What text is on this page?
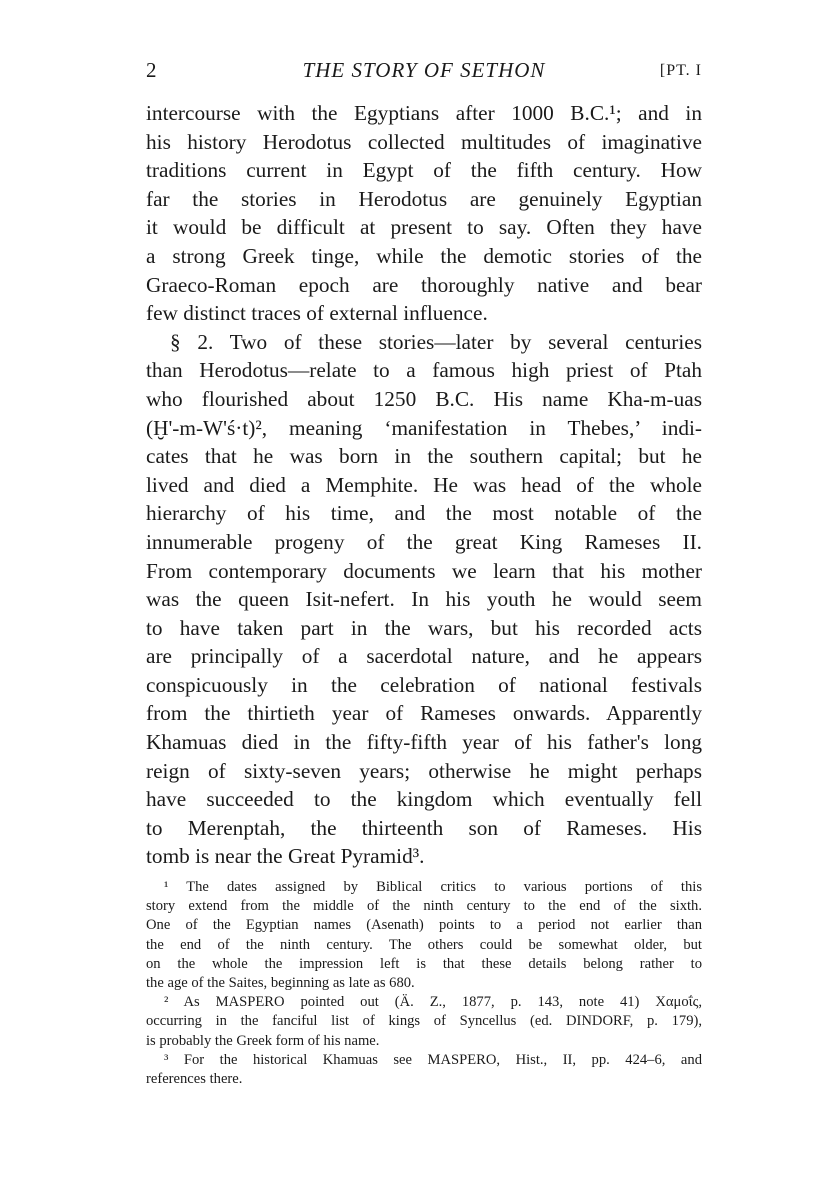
2	THE STORY OF SETHON	[PT. I
intercourse with the Egyptians after 1000 B.C.¹; and in
his history Herodotus collected multitudes of imaginative
traditions current in Egypt of the fifth century. How
far the stories in Herodotus are genuinely Egyptian
it would be difficult at present to say. Often they have
a strong Greek tinge, while the demotic stories of the
Graeco-Roman epoch are thoroughly native and bear
few distinct traces of external influence.
§ 2. Two of these stories—later by several centuries
than Herodotus—relate to a famous high priest of Ptah
who flourished about 1250 B.C. His name Kha-m-uas
(Ḫ'-m-W'ś·t)², meaning ‘manifestation in Thebes,’ indi-
cates that he was born in the southern capital; but he
lived and died a Memphite. He was head of the whole
hierarchy of his time, and the most notable of the
innumerable progeny of the great King Rameses II.
From contemporary documents we learn that his mother
was the queen Isit-nefert. In his youth he would seem
to have taken part in the wars, but his recorded acts
are principally of a sacerdotal nature, and he appears
conspicuously in the celebration of national festivals
from the thirtieth year of Rameses onwards. Apparently
Khamuas died in the fifty-fifth year of his father's long
reign of sixty-seven years; otherwise he might perhaps
have succeeded to the kingdom which eventually fell
to Merenptah, the thirteenth son of Rameses. His
tomb is near the Great Pyramid³.
¹ The dates assigned by Biblical critics to various portions of this
story extend from the middle of the ninth century to the end of the sixth.
One of the Egyptian names (Asenath) points to a period not earlier than
the end of the ninth century. The others could be somewhat older, but
on the whole the impression left is that these details belong rather to
the age of the Saites, beginning as late as 680.
² As MASPERO pointed out (Ä. Z., 1877, p. 143, note 41) Χαμοΐς,
occurring in the fanciful list of kings of Syncellus (ed. DINDORF, p. 179),
is probably the Greek form of his name.
³ For the historical Khamuas see MASPERO, Hist., II, pp. 424–6, and
references there.
